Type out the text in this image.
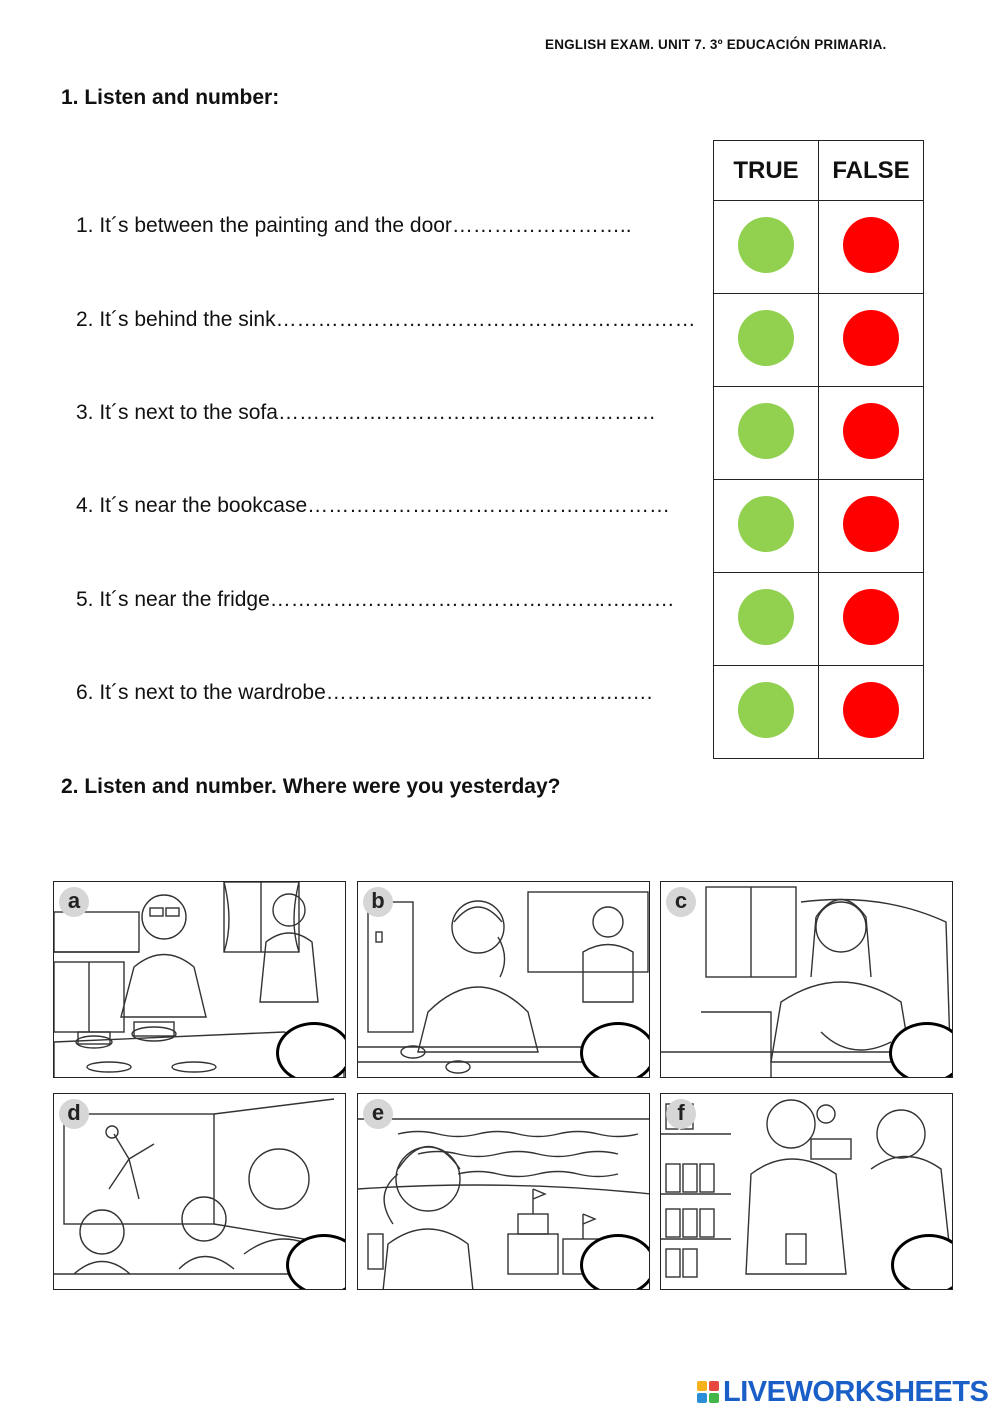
ENGLISH EXAM. UNIT 7. 3º EDUCACIÓN PRIMARIA.
1. Listen and number:
1. It´s between the painting and the door……………………..
2. It´s behind the sink……………………………………………………
3. It´s next to the sofa………………………………………………
4. It´s near the bookcase…………………………………….………
5. It´s near the fridge…………………………………………….……
6. It´s next to the wardrobe…………………………………….….
TRUE	FALSE

2. Listen and number. Where were you yesterday?
a	b	c
d	e	f
LIVEWORKSHEETS
